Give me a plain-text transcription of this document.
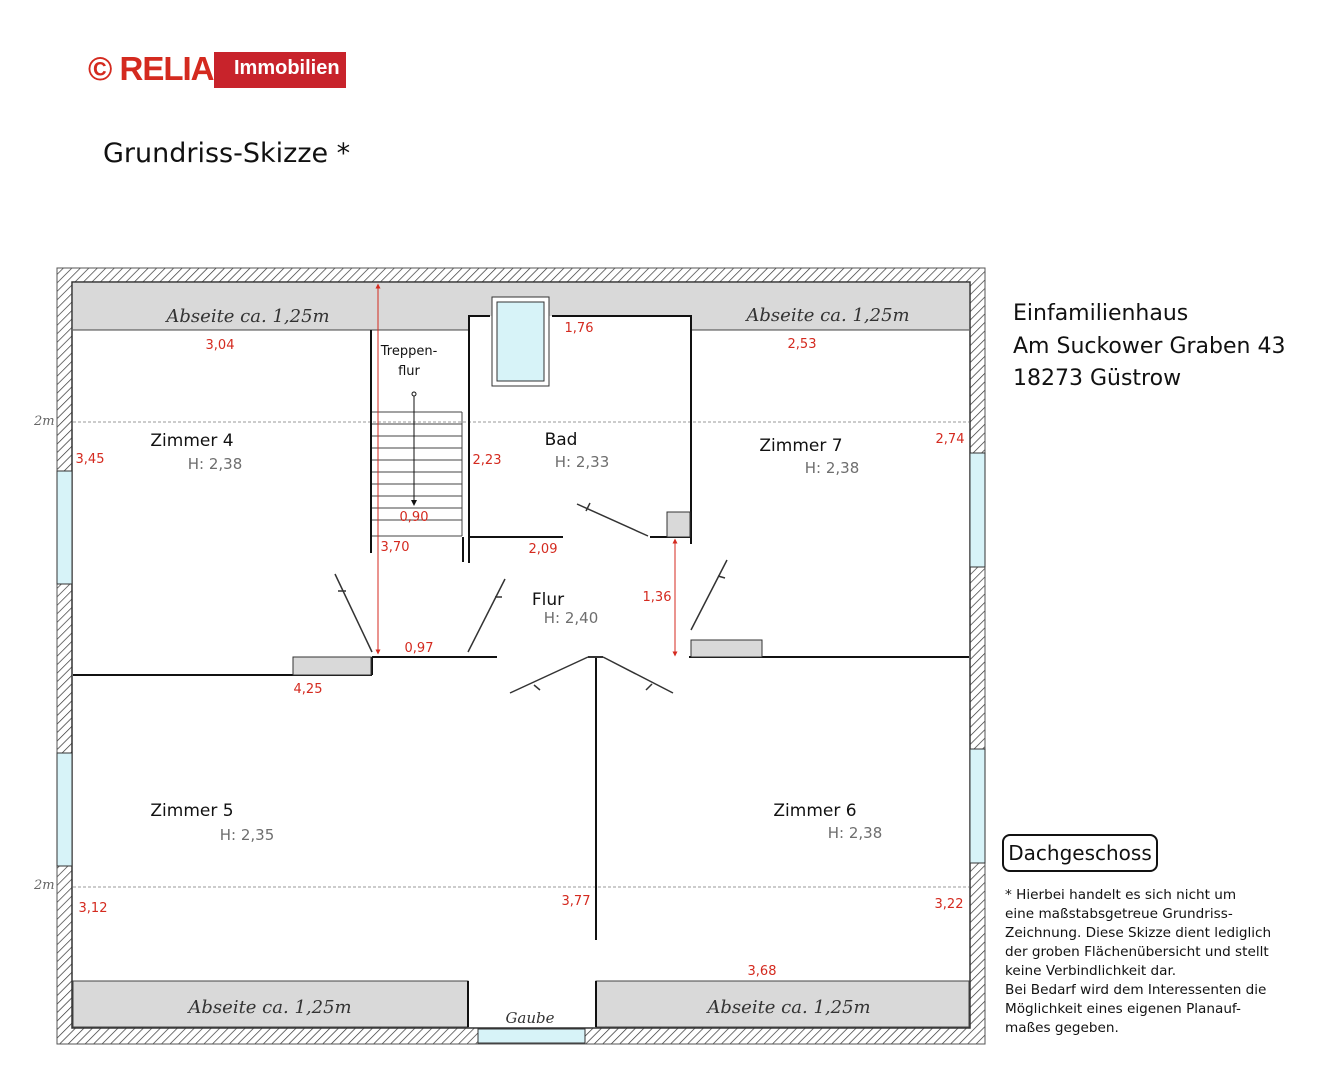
© RELIA Immobilien
Grundriss-Skizze *
Einfamilienhaus
Am Suckower Graben 43
18273 Güstrow
Dachgeschoss
* Hierbei handelt es sich nicht um
eine maßstabsgetreue Grundriss-
Zeichnung. Diese Skizze dient lediglich
der groben Flächenübersicht und stellt
keine Verbindlichkeit dar.
Bei Bedarf wird dem Interessenten die
Möglichkeit eines eigenen Planauf-
maßes gegeben.
2m
2m
Abseite ca. 1,25m	Abseite ca. 1,25m
Abseite ca. 1,25m	Abseite ca. 1,25m
Gaube
Treppen-
flur
Zimmer 4
H: 2,38
Bad
H: 2,33
Zimmer 7
H: 2,38
Flur
H: 2,40
Zimmer 5
H: 2,35
Zimmer 6
H: 2,38
3,04
1,76
2,53
3,45	2,23
2,74
0,90
3,70	2,09
1,36
0,97
4,25
3,12	3,77	3,22
3,68
